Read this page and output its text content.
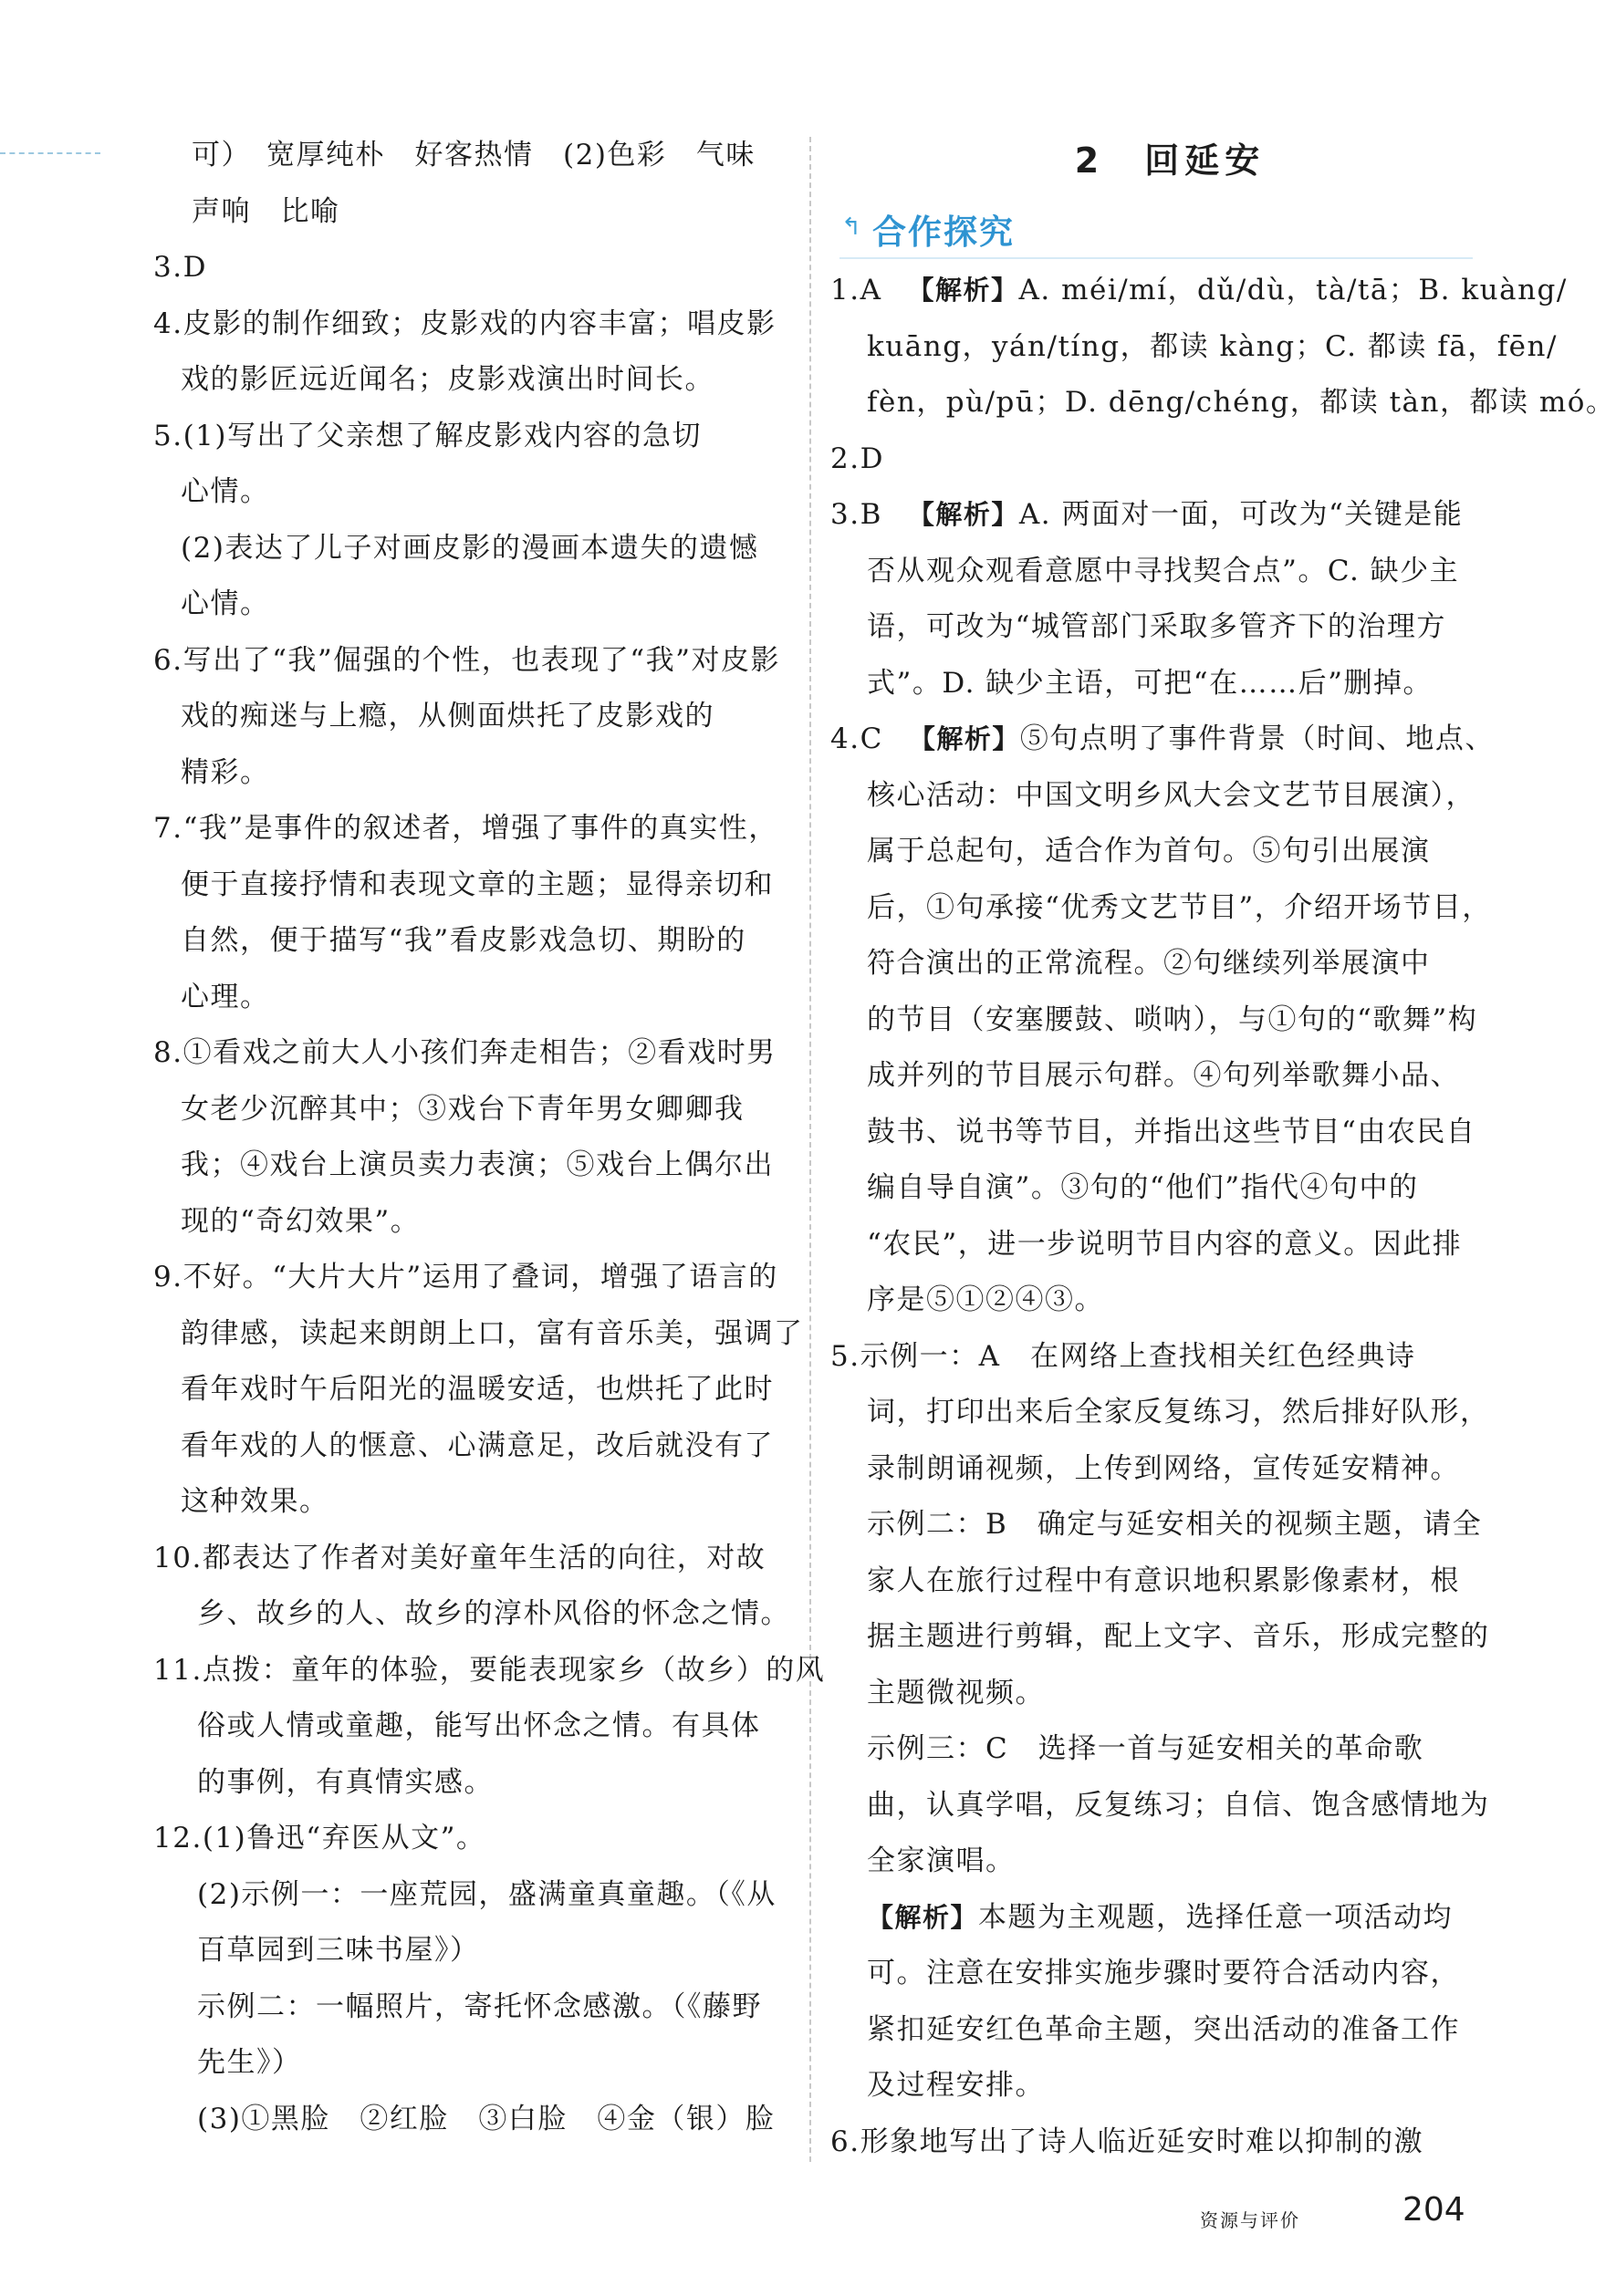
可）　宽厚纯朴　好客热情　(2)色彩　气味
声响　比喻
3.D
4.皮影的制作细致；皮影戏的内容丰富；唱皮影
戏的影匠远近闻名；皮影戏演出时间长。
5.(1)写出了父亲想了解皮影戏内容的急切
心情。
(2)表达了儿子对画皮影的漫画本遗失的遗憾
心情。
6.写出了“我”倔强的个性，也表现了“我”对皮影
戏的痴迷与上瘾，从侧面烘托了皮影戏的
精彩。
7.“我”是事件的叙述者，增强了事件的真实性，
便于直接抒情和表现文章的主题；显得亲切和
自然，便于描写“我”看皮影戏急切、期盼的
心理。
8.①看戏之前大人小孩们奔走相告；②看戏时男
女老少沉醉其中；③戏台下青年男女卿卿我
我；④戏台上演员卖力表演；⑤戏台上偶尔出
现的“奇幻效果”。
9.不好。“大片大片”运用了叠词，增强了语言的
韵律感，读起来朗朗上口，富有音乐美，强调了
看年戏时午后阳光的温暖安适，也烘托了此时
看年戏的人的惬意、心满意足，改后就没有了
这种效果。
10.都表达了作者对美好童年生活的向往，对故
乡、故乡的人、故乡的淳朴风俗的怀念之情。
11.点拨：童年的体验，要能表现家乡（故乡）的风
俗或人情或童趣，能写出怀念之情。有具体
的事例，有真情实感。
12.(1)鲁迅“弃医从文”。
(2)示例一：一座荒园，盛满童真童趣。（《从
百草园到三味书屋》）
示例二：一幅照片，寄托怀念感激。（《藤野
先生》）
(3)①黑脸　②红脸　③白脸　④金（银）脸
2　回延安
↰ 合作探究
1.A 【解析】A. méi/mí，dǔ/dù，tà/tā；B. kuàng/
kuāng，yán/tíng，都读 kàng；C. 都读 fā，fēn/
fèn，pù/pū；D. dēng/chéng，都读 tàn，都读 mó。
2.D
3.B 【解析】A. 两面对一面，可改为“关键是能
否从观众观看意愿中寻找契合点”。C. 缺少主
语，可改为“城管部门采取多管齐下的治理方
式”。D. 缺少主语，可把“在……后”删掉。
4.C 【解析】⑤句点明了事件背景（时间、地点、
核心活动：中国文明乡风大会文艺节目展演），
属于总起句，适合作为首句。⑤句引出展演
后，①句承接“优秀文艺节目”，介绍开场节目，
符合演出的正常流程。②句继续列举展演中
的节目（安塞腰鼓、唢呐），与①句的“歌舞”构
成并列的节目展示句群。④句列举歌舞小品、
鼓书、说书等节目，并指出这些节目“由农民自
编自导自演”。③句的“他们”指代④句中的
“农民”，进一步说明节目内容的意义。因此排
序是⑤①②④③。
5.示例一：A　在网络上查找相关红色经典诗
词，打印出来后全家反复练习，然后排好队形，
录制朗诵视频，上传到网络，宣传延安精神。
示例二：B　确定与延安相关的视频主题，请全
家人在旅行过程中有意识地积累影像素材，根
据主题进行剪辑，配上文字、音乐，形成完整的
主题微视频。
示例三：C　选择一首与延安相关的革命歌
曲，认真学唱，反复练习；自信、饱含感情地为
全家演唱。
【解析】本题为主观题，选择任意一项活动均
可。注意在安排实施步骤时要符合活动内容，
紧扣延安红色革命主题，突出活动的准备工作
及过程安排。
6.形象地写出了诗人临近延安时难以抑制的激
资源与评价	204
